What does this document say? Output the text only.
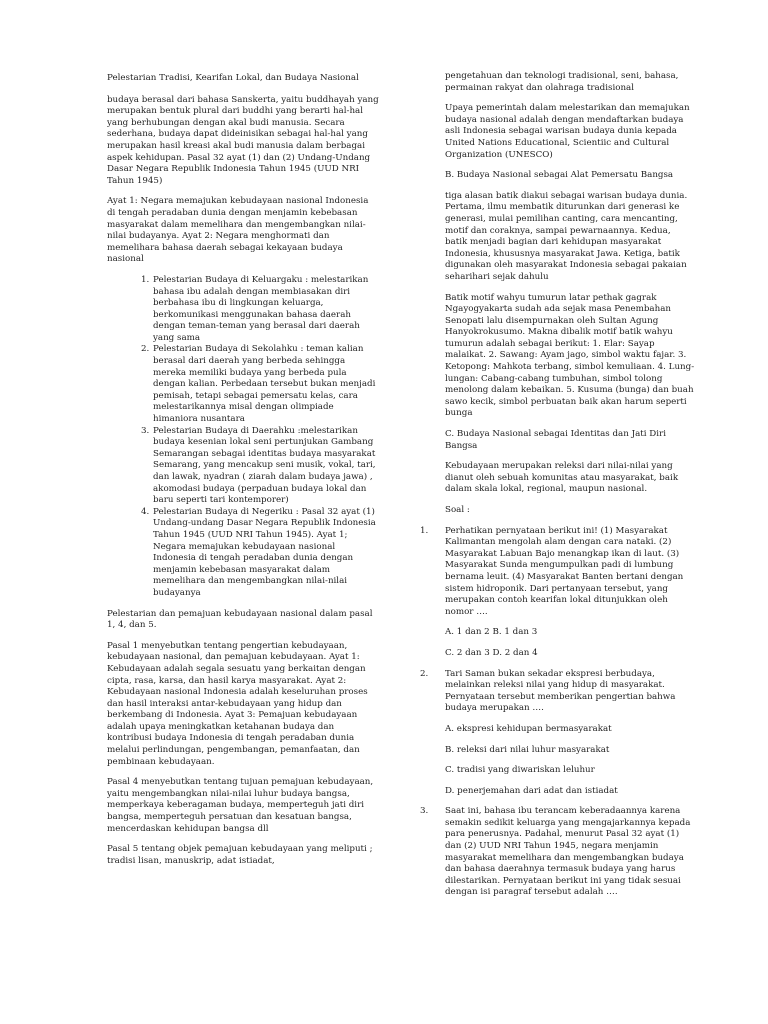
Pelestarian Tradisi, Kearifan Lokal, dan Budaya Nasional

budaya berasal dari bahasa Sanskerta, yaitu buddhayah yang merupakan bentuk plural dari buddhi yang berarti hal-hal yang berhubungan dengan akal budi manusia. Secara sederhana, budaya dapat dideinisikan sebagai hal-hal yang merupakan hasil kreasi akal budi manusia dalam berbagai aspek kehidupan. Pasal 32 ayat (1) dan (2) Undang-Undang Dasar Negara Republik Indonesia Tahun 1945 (UUD NRI Tahun 1945)

Ayat 1: Negara memajukan kebudayaan nasional Indonesia di tengah peradaban dunia dengan menjamin kebebasan masyarakat dalam memelihara dan mengembangkan nilai-nilai budayanya. Ayat 2: Negara menghormati dan memelihara bahasa daerah sebagai kekayaan budaya nasional

1. Pelestarian Budaya di Keluargaku : melestarikan bahasa ibu adalah dengan membiasakan diri berbahasa ibu di lingkungan keluarga, berkomunikasi menggunakan bahasa daerah dengan teman-teman yang berasal dari daerah yang sama
2. Pelestarian Budaya di Sekolahku : teman kalian berasal dari daerah yang berbeda sehingga mereka memiliki budaya yang berbeda pula dengan kalian. Perbedaan tersebut bukan menjadi pemisah, tetapi sebagai pemersatu kelas, cara melestarikannya misal dengan olimpiade himaniora nusantara
3. Pelestarian Budaya di Daerahku :melestarikan budaya kesenian lokal seni pertunjukan Gambang Semarangan sebagai identitas budaya masyarakat Semarang, yang mencakup seni musik, vokal, tari, dan lawak, nyadran ( ziarah dalam budaya jawa) , akomodasi budaya (perpaduan budaya lokal dan baru seperti tari kontemporer)
4. Pelestarian Budaya di Negeriku : Pasal 32 ayat (1) Undang-undang Dasar Negara Republik Indonesia Tahun 1945 (UUD NRI Tahun 1945). Ayat 1; Negara memajukan kebudayaan nasional Indonesia di tengah peradaban dunia dengan menjamin kebebasan masyarakat dalam memelihara dan mengembangkan nilai-nilai budayanya

Pelestarian dan pemajuan kebudayaan nasional dalam pasal 1, 4, dan 5.

Pasal 1 menyebutkan tentang pengertian kebudayaan, kebudayaan nasional, dan pemajuan kebudayaan. Ayat 1: Kebudayaan adalah segala sesuatu yang berkaitan dengan cipta, rasa, karsa, dan hasil karya masyarakat. Ayat 2: Kebudayaan nasional Indonesia adalah keseluruhan proses dan hasil interaksi antar-kebudayaan yang hidup dan berkembang di Indonesia. Ayat 3: Pemajuan kebudayaan adalah upaya meningkatkan ketahanan budaya dan kontribusi budaya Indonesia di tengah peradaban dunia melalui perlindungan, pengembangan, pemanfaatan, dan pembinaan kebudayaan.

Pasal 4 menyebutkan tentang tujuan pemajuan kebudayaan, yaitu mengembangkan nilai-nilai luhur budaya bangsa, memperkaya keberagaman budaya, memperteguh jati diri bangsa, memperteguh persatuan dan kesatuan bangsa, mencerdaskan kehidupan bangsa dll

Pasal 5 tentang objek pemajuan kebudayaan yang meliputi ; tradisi lisan, manuskrip, adat istiadat,

pengetahuan dan teknologi tradisional, seni, bahasa, permainan rakyat dan olahraga tradisional

Upaya pemerintah dalam melestarikan dan memajukan budaya nasional adalah dengan mendaftarkan budaya asli Indonesia sebagai warisan budaya dunia kepada United Nations Educational, Scientiic and Cultural Organization (UNESCO)

B. Budaya Nasional sebagai Alat Pemersatu Bangsa

tiga alasan batik diakui sebagai warisan budaya dunia. Pertama, ilmu membatik diturunkan dari generasi ke generasi, mulai pemilihan canting, cara mencanting, motif dan coraknya, sampai pewarnaannya. Kedua, batik menjadi bagian dari kehidupan masyarakat Indonesia, khususnya masyarakat Jawa. Ketiga, batik digunakan oleh masyarakat Indonesia sebagai pakaian seharihari sejak dahulu

Batik motif wahyu tumurun latar pethak gagrak Ngayogyakarta sudah ada sejak masa Penembahan Senopati lalu disempurnakan oleh Sultan Agung Hanyokrokusumo. Makna dibalik motif batik wahyu tumurun adalah sebagai berikut: 1. Elar: Sayap malaikat. 2. Sawang: Ayam jago, simbol waktu fajar. 3. Ketopong: Mahkota terbang, simbol kemuliaan. 4. Lung-lungan: Cabang-cabang tumbuhan, simbol tolong menolong dalam kebaikan. 5. Kusuma (bunga) dan buah sawo kecik, simbol perbuatan baik akan harum seperti bunga

C. Budaya Nasional sebagai Identitas dan Jati Diri Bangsa

Kebudayaan merupakan releksi dari nilai-nilai yang dianut oleh sebuah komunitas atau masyarakat, baik dalam skala lokal, regional, maupun nasional.

Soal :

1. Perhatikan pernyataan berikut ini! (1) Masyarakat Kalimantan mengolah alam dengan cara nataki. (2) Masyarakat Labuan Bajo menangkap ikan di laut. (3) Masyarakat Sunda mengumpulkan padi di lumbung bernama leuit. (4) Masyarakat Banten bertani dengan sistem hidroponik. Dari pertanyaan tersebut, yang merupakan contoh kearifan lokal ditunjukkan oleh nomor ….

A. 1 dan 2 B. 1 dan 3

C. 2 dan 3 D. 2 dan 4

2. Tari Saman bukan sekadar ekspresi berbudaya, melainkan releksi nilai yang hidup di masyarakat. Pernyataan tersebut memberikan pengertian bahwa budaya merupakan ….

A. ekspresi kehidupan bermasyarakat

B. releksi dari nilai luhur masyarakat

C. tradisi yang diwariskan leluhur

D. penerjemahan dari adat dan istiadat

3. Saat ini, bahasa ibu terancam keberadaannya karena semakin sedikit keluarga yang mengajarkannya kepada para penerusnya. Padahal, menurut Pasal 32 ayat (1) dan (2) UUD NRI Tahun 1945, negara menjamin masyarakat memelihara dan mengembangkan budaya dan bahasa daerahnya termasuk budaya yang harus dilestarikan. Pernyataan berikut ini yang tidak sesuai dengan isi paragraf tersebut adalah ….
